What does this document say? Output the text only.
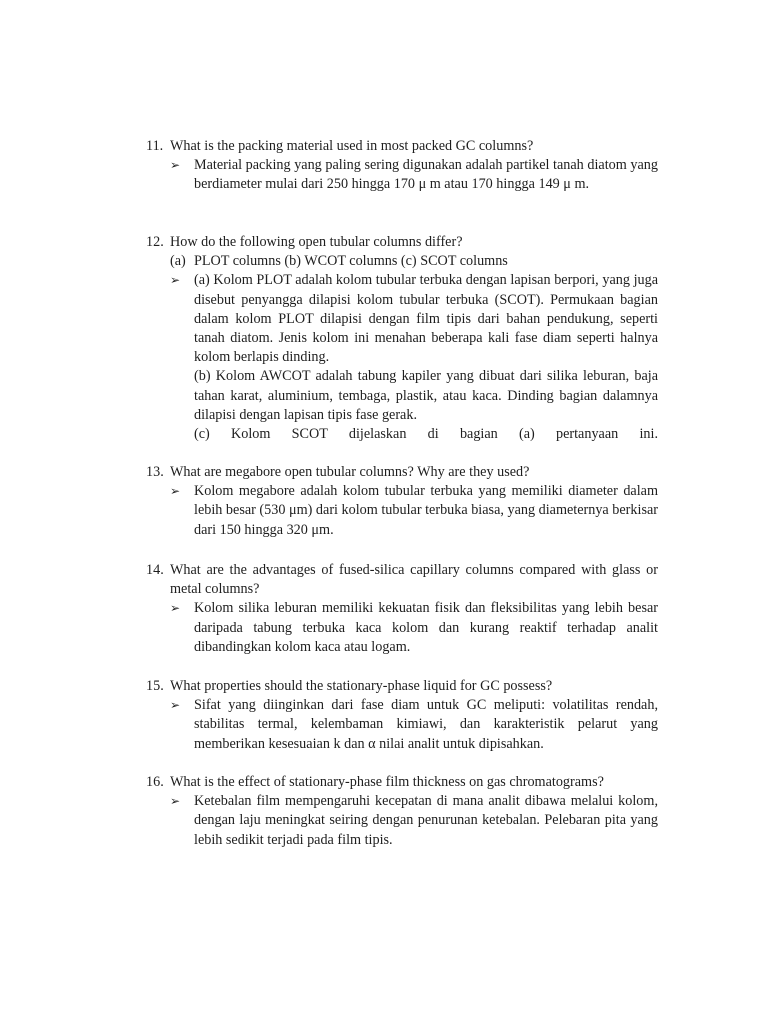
11. What is the packing material used in most packed GC columns?
➢ Material packing yang paling sering digunakan adalah partikel tanah diatom yang berdiameter mulai dari 250 hingga 170 μ m atau 170 hingga 149 μ m.
12. How do the following open tubular columns differ?
(a) PLOT columns (b) WCOT columns (c) SCOT columns
➢ (a) Kolom PLOT adalah kolom tubular terbuka dengan lapisan berpori, yang juga disebut penyangga dilapisi kolom tubular terbuka (SCOT). Permukaan bagian dalam kolom PLOT dilapisi dengan film tipis dari bahan pendukung, seperti tanah diatom. Jenis kolom ini menahan beberapa kali fase diam seperti halnya kolom berlapis dinding.
(b) Kolom AWCOT adalah tabung kapiler yang dibuat dari silika leburan, baja tahan karat, aluminium, tembaga, plastik, atau kaca. Dinding bagian dalamnya dilapisi dengan lapisan tipis fase gerak.
(c) Kolom SCOT dijelaskan di bagian (a) pertanyaan ini.
13. What are megabore open tubular columns? Why are they used?
➢ Kolom megabore adalah kolom tubular terbuka yang memiliki diameter dalam lebih besar (530 μm) dari kolom tubular terbuka biasa, yang diameternya berkisar dari 150 hingga 320 μm.
14. What are the advantages of fused-silica capillary columns compared with glass or metal columns?
➢ Kolom silika leburan memiliki kekuatan fisik dan fleksibilitas yang lebih besar daripada tabung terbuka kaca kolom dan kurang reaktif terhadap analit dibandingkan kolom kaca atau logam.
15. What properties should the stationary-phase liquid for GC possess?
➢ Sifat yang diinginkan dari fase diam untuk GC meliputi: volatilitas rendah, stabilitas termal, kelembaman kimiawi, dan karakteristik pelarut yang memberikan kesesuaian k dan α nilai analit untuk dipisahkan.
16. What is the effect of stationary-phase film thickness on gas chromatograms?
➢ Ketebalan film mempengaruhi kecepatan di mana analit dibawa melalui kolom, dengan laju meningkat seiring dengan penurunan ketebalan. Pelebaran pita yang lebih sedikit terjadi pada film tipis.
